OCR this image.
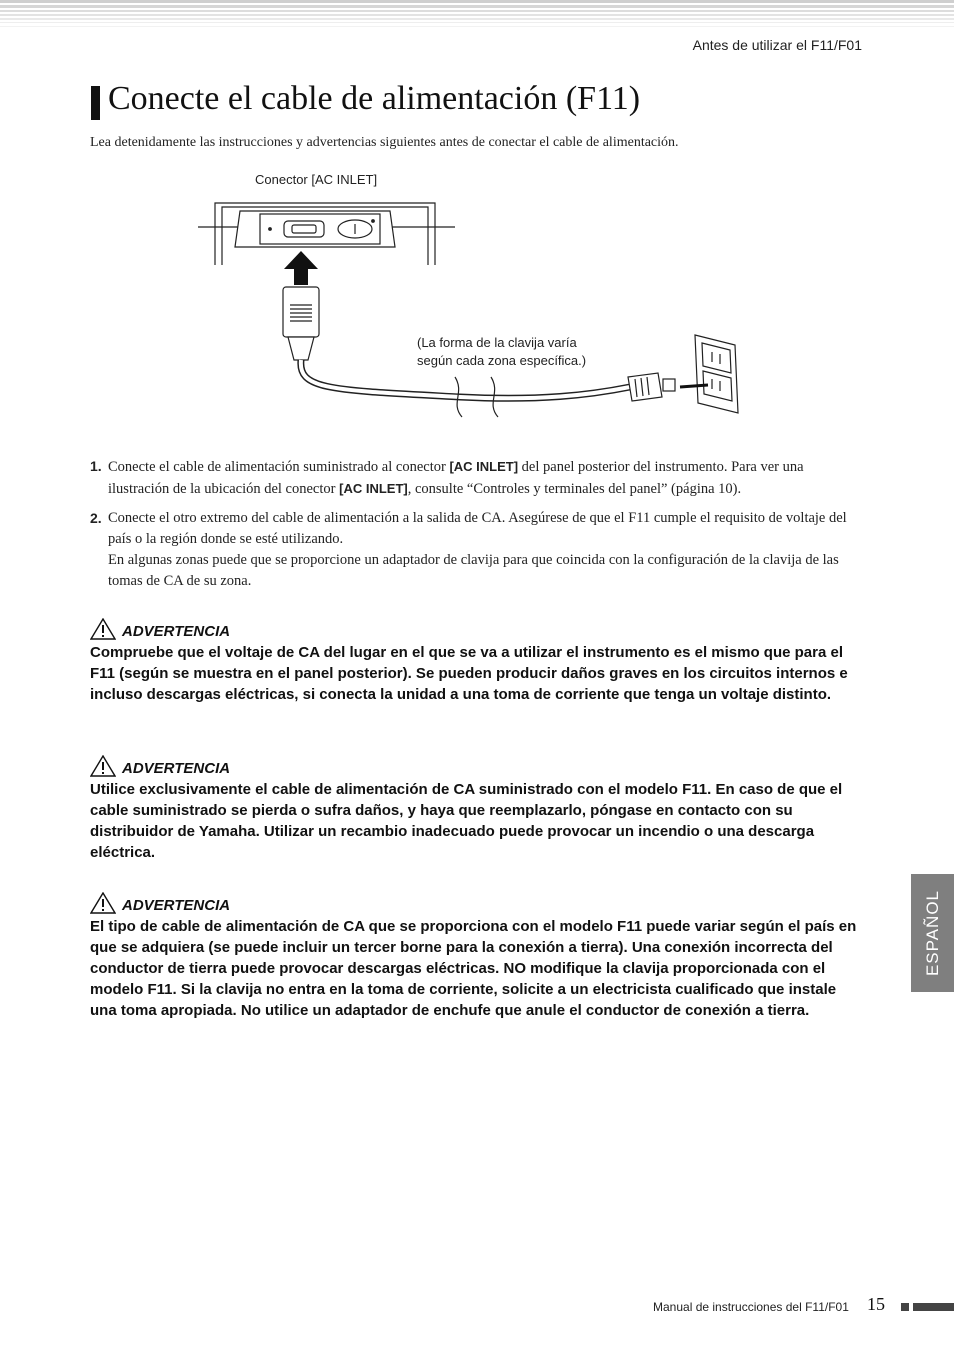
Antes de utilizar el F11/F01
Conecte el cable de alimentación (F11)
Lea detenidamente las instrucciones y advertencias siguientes antes de conectar el cable de alimentación.
Conector [AC INLET]
(La forma de la clavija varía
según cada zona específica.)
1. Conecte el cable de alimentación suministrado al conector [AC INLET] del panel posterior del instrumento. Para ver una ilustración de la ubicación del conector [AC INLET], consulte “Controles y terminales del panel” (página 10).

2. Conecte el otro extremo del cable de alimentación a la salida de CA. Asegúrese de que el F11 cumple el requisito de voltaje del país o la región donde se esté utilizando.

En algunas zonas puede que se proporcione un adaptador de clavija para que coincida con la configuración de la clavija de las tomas de CA de su zona.

ADVERTENCIA
Compruebe que el voltaje de CA del lugar en el que se va a utilizar el instrumento es el mismo que para el F11 (según se muestra en el panel posterior). Se pueden producir daños graves en los circuitos internos e incluso descargas eléctricas, si conecta la unidad a una toma de corriente que tenga un voltaje distinto.
ADVERTENCIA
Utilice exclusivamente el cable de alimentación de CA suministrado con el modelo F11. En caso de que el cable suministrado se pierda o sufra daños, y haya que reemplazarlo, póngase en contacto con su distribuidor de Yamaha. Utilizar un recambio inadecuado puede provocar un incendio o una descarga eléctrica.
ADVERTENCIA
El tipo de cable de alimentación de CA que se proporciona con el modelo F11 puede variar según el país en que se adquiera (se puede incluir un tercer borne para la conexión a tierra). Una conexión incorrecta del conductor de tierra puede provocar descargas eléctricas. NO modifique la clavija proporcionada con el modelo F11. Si la clavija no entra en la toma de corriente, solicite a un electricista cualificado que instale una toma apropiada. No utilice un adaptador de enchufe que anule el conductor de conexión a tierra.
ESPAÑOL
Manual de instrucciones del F11/F01 15
